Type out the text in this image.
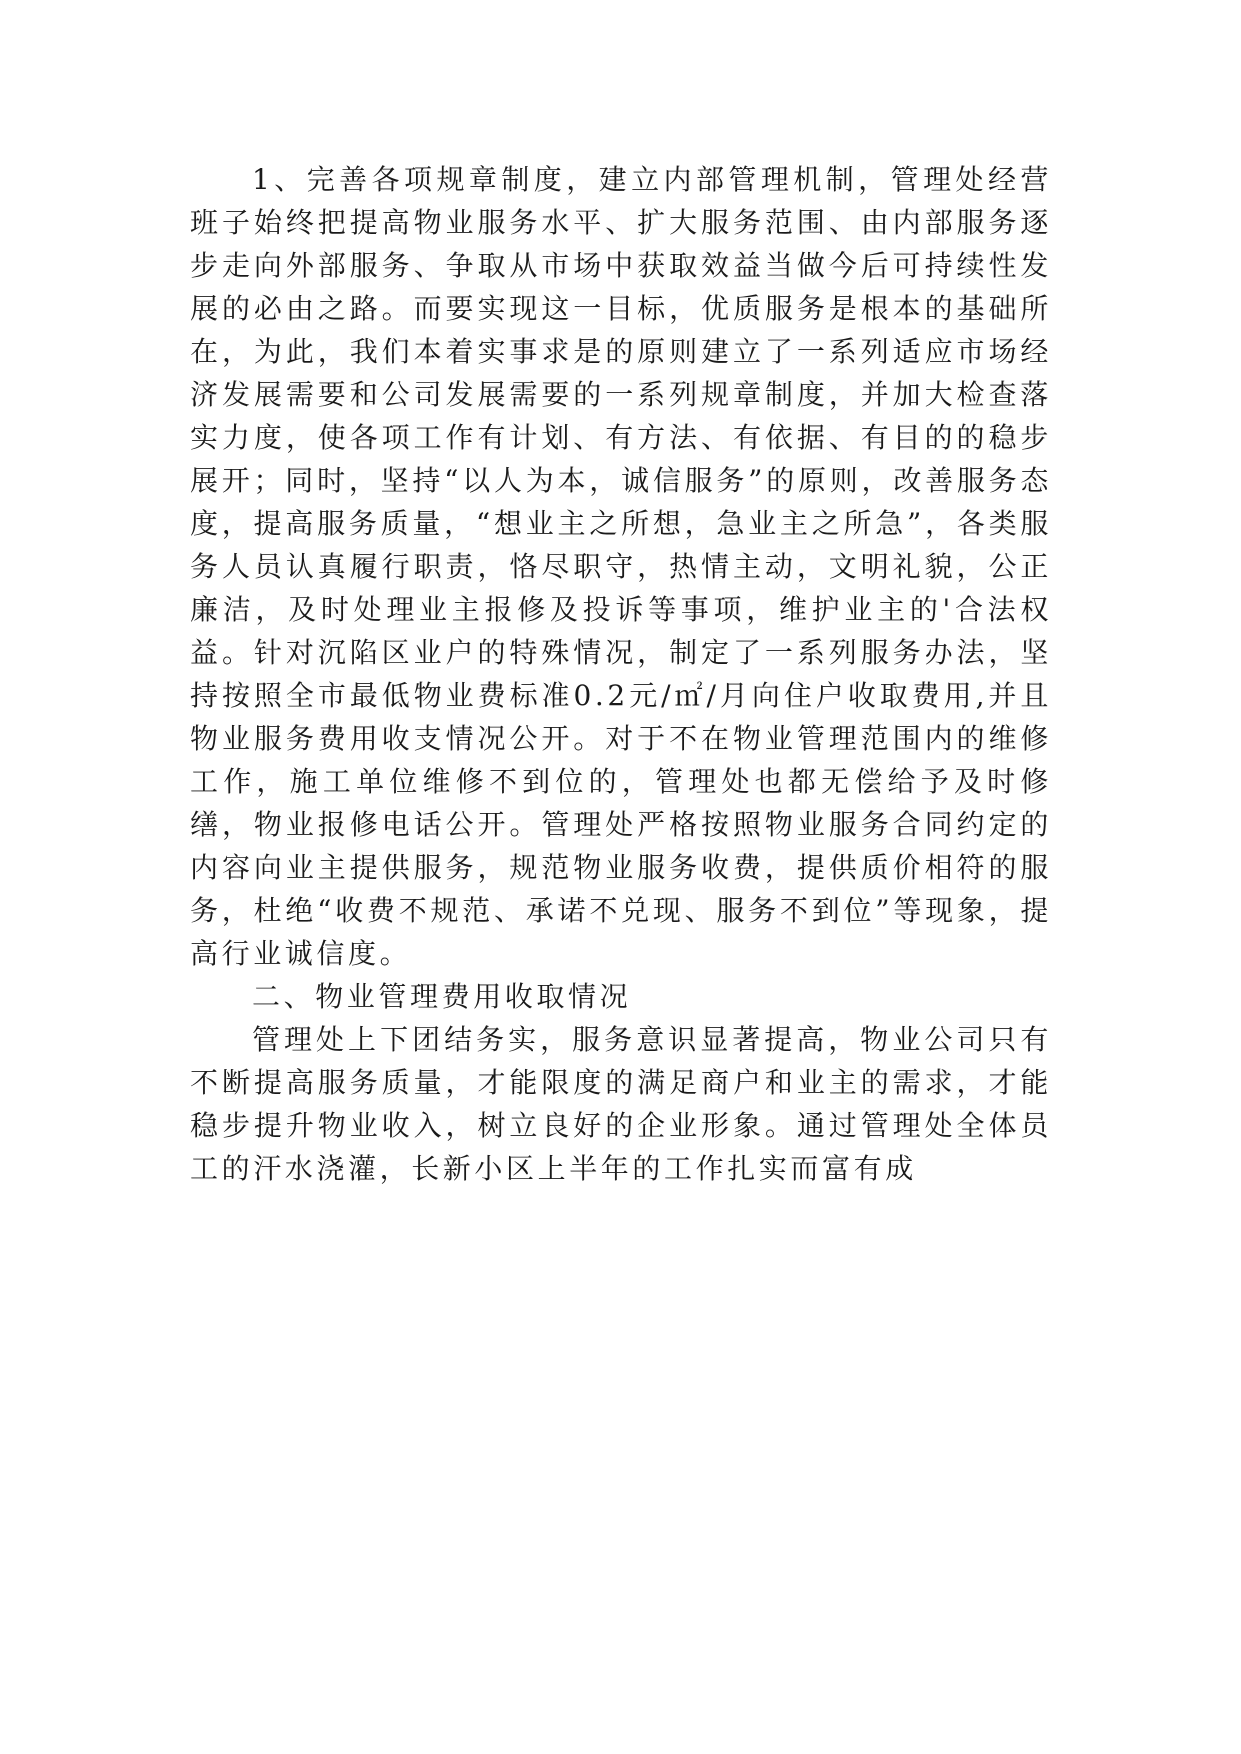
1、完善各项规章制度，建立内部管理机制，管理处经营班子始终把提高物业服务水平、扩大服务范围、由内部服务逐步走向外部服务、争取从市场中获取效益当做今后可持续性发展的必由之路。而要实现这一目标，优质服务是根本的基础所在，为此，我们本着实事求是的原则建立了一系列适应市场经济发展需要和公司发展需要的一系列规章制度，并加大检查落实力度，使各项工作有计划、有方法、有依据、有目的的稳步展开；同时，坚持“以人为本，诚信服务”的原则，改善服务态度，提高服务质量，“想业主之所想，急业主之所急”，各类服务人员认真履行职责，恪尽职守，热情主动，文明礼貌，公正廉洁，及时处理业主报修及投诉等事项，维护业主的'合法权益。针对沉陷区业户的特殊情况，制定了一系列服务办法，坚持按照全市最低物业费标准0.2元/㎡/月向住户收取费用,并且物业服务费用收支情况公开。对于不在物业管理范围内的维修工作，施工单位维修不到位的，管理处也都无偿给予及时修缮，物业报修电话公开。管理处严格按照物业服务合同约定的内容向业主提供服务，规范物业服务收费，提供质价相符的服务，杜绝“收费不规范、承诺不兑现、服务不到位”等现象，提高行业诚信度。

二、物业管理费用收取情况

管理处上下团结务实，服务意识显著提高，物业公司只有不断提高服务质量，才能限度的满足商户和业主的需求，才能稳步提升物业收入，树立良好的企业形象。通过管理处全体员工的汗水浇灌，长新小区上半年的工作扎实而富有成
